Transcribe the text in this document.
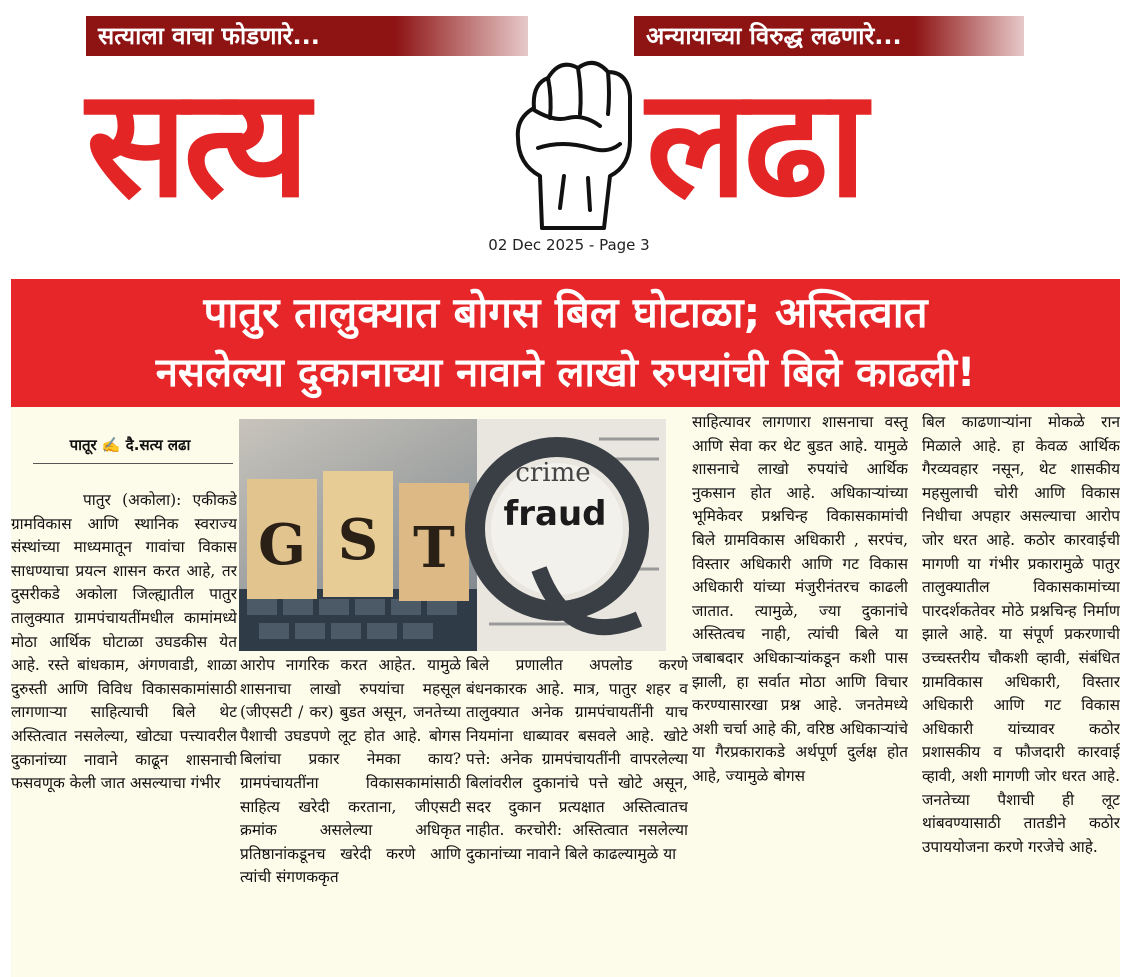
सत्याला वाचा फोडणारे...	अन्यायाच्या विरुद्ध लढणारे...
सत्य लढा
02 Dec 2025 - Page 3
पातुर तालुक्यात बोगस बिल घोटाळा; अस्तित्वात
नसलेल्या दुकानाच्या नावाने लाखो रुपयांची बिले काढली!
पातूर ✍️ दै.सत्य लढा
G S T
crime
fraud
पातुर (अकोला): एकीकडे ग्रामविकास आणि स्थानिक स्वराज्य संस्थांच्या माध्यमातून गावांचा विकास साधण्याचा प्रयत्न शासन करत आहे, तर दुसरीकडे अकोला जिल्ह्यातील पातुर तालुक्यात ग्रामपंचायतींमधील कामांमध्ये मोठा आर्थिक घोटाळा उघडकीस येत आहे. रस्ते बांधकाम, अंगणवाडी, शाळा दुरुस्ती आणि विविध विकासकामांसाठी लागणाऱ्या साहित्याची बिले थेट अस्तित्वात नसलेल्या, खोट्या पत्त्यावरील दुकानांच्या नावाने काढून शासनाची फसवणूक केली जात असल्याचा गंभीर
आरोप नागरिक करत आहेत. यामुळे शासनाचा लाखो रुपयांचा महसूल (जीएसटी / कर) बुडत असून, जनतेच्या पैशाची उघडपणे लूट होत आहे. बोगस बिलांचा प्रकार नेमका काय? ग्रामपंचायतींना विकासकामांसाठी साहित्य खरेदी करताना, जीएसटी क्रमांक असलेल्या अधिकृत प्रतिष्ठानांकडूनच खरेदी करणे आणि त्यांची संगणककृत
बिले प्रणालीत अपलोड करणे बंधनकारक आहे. मात्र, पातुर शहर व तालुक्यात अनेक ग्रामपंचायतींनी याच नियमांना धाब्यावर बसवले आहे. खोटे पत्ते: अनेक ग्रामपंचायतींनी वापरलेल्या बिलांवरील दुकानांचे पत्ते खोटे असून, सदर दुकान प्रत्यक्षात अस्तित्वातच नाहीत. करचोरी: अस्तित्वात नसलेल्या दुकानांच्या नावाने बिले काढल्यामुळे या
साहित्यावर लागणारा शासनाचा वस्तू आणि सेवा कर थेट बुडत आहे. यामुळे शासनाचे लाखो रुपयांचे आर्थिक नुकसान होत आहे. अधिकाऱ्यांच्या भूमिकेवर प्रश्नचिन्ह विकासकामांची बिले ग्रामविकास अधिकारी , सरपंच, विस्तार अधिकारी आणि गट विकास अधिकारी यांच्या मंजुरीनंतरच काढली जातात. त्यामुळे, ज्या दुकानांचे अस्तित्वच नाही, त्यांची बिले या जबाबदार अधिकाऱ्यांकडून कशी पास झाली, हा सर्वात मोठा आणि विचार करण्यासारखा प्रश्न आहे. जनतेमध्ये अशी चर्चा आहे की, वरिष्ठ अधिकाऱ्यांचे या गैरप्रकाराकडे अर्थपूर्ण दुर्लक्ष होत आहे, ज्यामुळे बोगस
बिल काढणाऱ्यांना मोकळे रान मिळाले आहे. हा केवळ आर्थिक गैरव्यवहार नसून, थेट शासकीय महसुलाची चोरी आणि विकास निधीचा अपहार असल्याचा आरोप जोर धरत आहे. कठोर कारवाईची मागणी या गंभीर प्रकारामुळे पातुर तालुक्यातील विकासकामांच्या पारदर्शकतेवर मोठे प्रश्नचिन्ह निर्माण झाले आहे. या संपूर्ण प्रकरणाची उच्चस्तरीय चौकशी व्हावी, संबंधित ग्रामविकास अधिकारी, विस्तार अधिकारी आणि गट विकास अधिकारी यांच्यावर कठोर प्रशासकीय व फौजदारी कारवाई व्हावी, अशी मागणी जोर धरत आहे. जनतेच्या पैशाची ही लूट थांबवण्यासाठी तातडीने कठोर उपाययोजना करणे गरजेचे आहे.
